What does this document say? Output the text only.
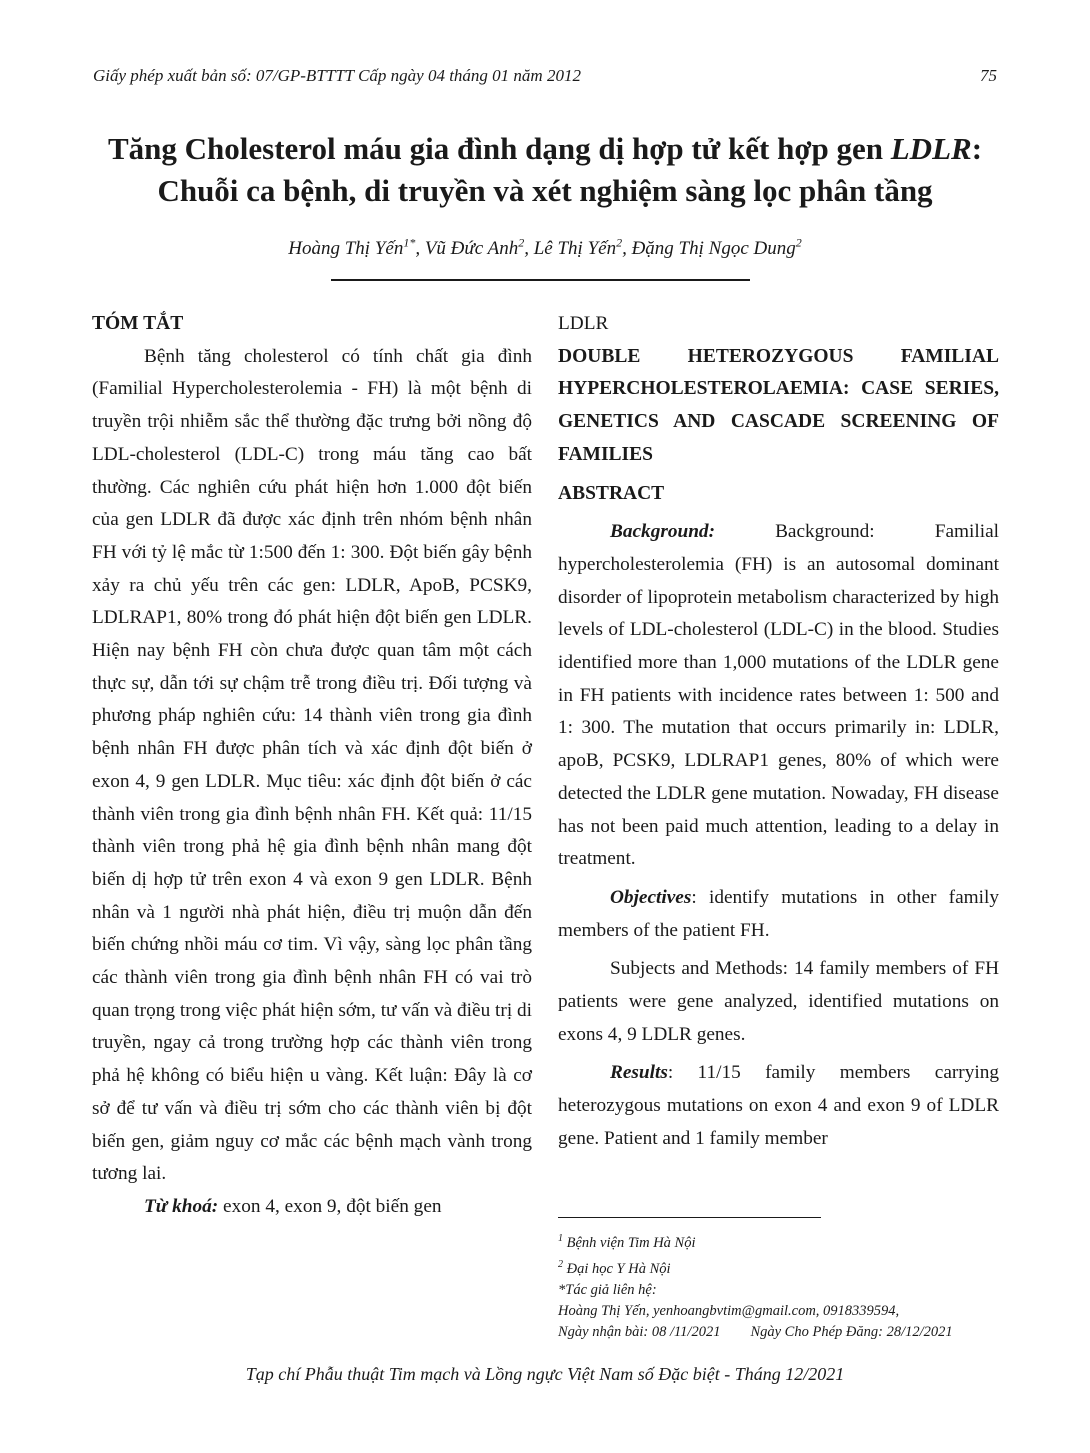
Giấy phép xuất bản số: 07/GP-BTTTT Cấp ngày 04 tháng 01 năm 2012	75
Tăng Cholesterol máu gia đình dạng dị hợp tử kết hợp gen LDLR:
Chuỗi ca bệnh, di truyền và xét nghiệm sàng lọc phân tầng
Hoàng Thị Yến$^{1*}$, Vũ Đức Anh$^2$, Lê Thị Yến$^2$, Đặng Thị Ngọc Dung$^2$

TÓM TẮT

Bệnh tăng cholesterol có tính chất gia đình (Familial Hypercholesterolemia - FH) là một bệnh di truyền trội nhiễm sắc thể thường đặc trưng bởi nồng độ LDL-cholesterol (LDL-C) trong máu tăng cao bất thường. Các nghiên cứu phát hiện hơn 1.000 đột biến của gen LDLR đã được xác định trên nhóm bệnh nhân FH với tỷ lệ mắc từ 1:500 đến 1: 300. Đột biến gây bệnh xảy ra chủ yếu trên các gen: LDLR, ApoB, PCSK9, LDLRAP1, 80% trong đó phát hiện đột biến gen LDLR. Hiện nay bệnh FH còn chưa được quan tâm một cách thực sự, dẫn tới sự chậm trễ trong điều trị. Đối tượng và phương pháp nghiên cứu: 14 thành viên trong gia đình bệnh nhân FH được phân tích và xác định đột biến ở exon 4, 9 gen LDLR. Mục tiêu: xác định đột biến ở các thành viên trong gia đình bệnh nhân FH. Kết quả: 11/15 thành viên trong phả hệ gia đình bệnh nhân mang đột biến dị hợp tử trên exon 4 và exon 9 gen LDLR. Bệnh nhân và 1 người nhà phát hiện, điều trị muộn dẫn đến biến chứng nhồi máu cơ tim. Vì vậy, sàng lọc phân tầng các thành viên trong gia đình bệnh nhân FH có vai trò quan trọng trong việc phát hiện sớm, tư vấn và điều trị di truyền, ngay cả trong trường hợp các thành viên trong phả hệ không có biểu hiện u vàng. Kết luận: Đây là cơ sở để tư vấn và điều trị sớm cho các thành viên bị đột biến gen, giảm nguy cơ mắc các bệnh mạch vành trong tương lai.

Từ khoá: exon 4, exon 9, đột biến gen

LDLR

DOUBLE HETEROZYGOUS FAMILIAL HYPERCHOLESTEROLAEMIA: CASE SERIES, GENETICS AND CASCADE SCREENING OF FAMILIES

ABSTRACT

Background: Background: Familial hypercholesterolemia (FH) is an autosomal dominant disorder of lipoprotein metabolism characterized by high levels of LDL-cholesterol (LDL-C) in the blood. Studies identified more than 1,000 mutations of the LDLR gene in FH patients with incidence rates between 1: 500 and 1: 300. The mutation that occurs primarily in: LDLR, apoB, PCSK9, LDLRAP1 genes, 80% of which were detected the LDLR gene mutation. Nowaday, FH disease has not been paid much attention, leading to a delay in treatment.

Objectives: identify mutations in other family members of the patient FH.

Subjects and Methods: 14 family members of FH patients were gene analyzed, identified mutations on exons 4, 9 LDLR genes.

Results: 11/15 family members carrying heterozygous mutations on exon 4 and exon 9 of LDLR gene. Patient and 1 family member

$^1$ Bệnh viện Tim Hà Nội
$^2$ Đại học Y Hà Nội
*Tác giả liên hệ:
Hoàng Thị Yến, yenhoangbvtim@gmail.com, 0918339594,
Ngày nhận bài: 08 /11/2021 Ngày Cho Phép Đăng: 28/12/2021
Tạp chí Phẫu thuật Tim mạch và Lồng ngực Việt Nam số Đặc biệt - Tháng 12/2021
